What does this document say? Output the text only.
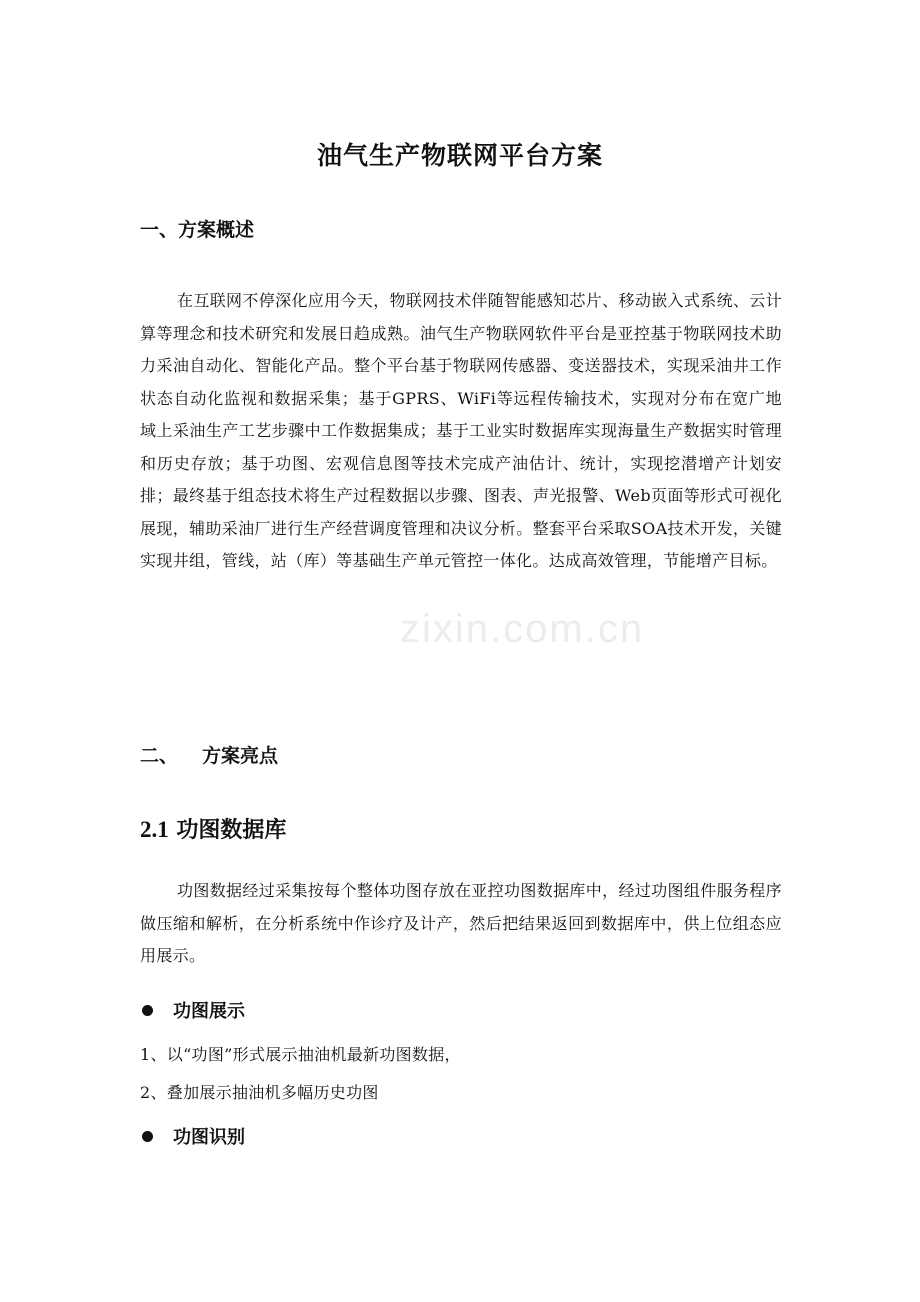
油气生产物联网平台方案
一、方案概述

在互联网不停深化应用今天，物联网技术伴随智能感知芯片、移动嵌入式系统、云计算等理念和技术研究和发展日趋成熟。油气生产物联网软件平台是亚控基于物联网技术助力采油自动化、智能化产品。整个平台基于物联网传感器、变送器技术，实现采油井工作状态自动化监视和数据采集；基于GPRS、WiFi等远程传输技术，实现对分布在宽广地域上采油生产工艺步骤中工作数据集成；基于工业实时数据库实现海量生产数据实时管理和历史存放；基于功图、宏观信息图等技术完成产油估计、统计，实现挖潜增产计划安排；最终基于组态技术将生产过程数据以步骤、图表、声光报警、Web页面等形式可视化展现，辅助采油厂进行生产经营调度管理和决议分析。整套平台采取SOA技术开发，关键实现井组，管线，站（库）等基础生产单元管控一体化。达成高效管理，节能增产目标。

zixin.com.cn
二、 方案亮点
2.1 功图数据库

功图数据经过采集按每个整体功图存放在亚控功图数据库中，经过功图组件服务程序做压缩和解析，在分析系统中作诊疗及计产，然后把结果返回到数据库中，供上位组态应用展示。

功图展示

1、以“功图”形式展示抽油机最新功图数据，

2、叠加展示抽油机多幅历史功图

功图识别
